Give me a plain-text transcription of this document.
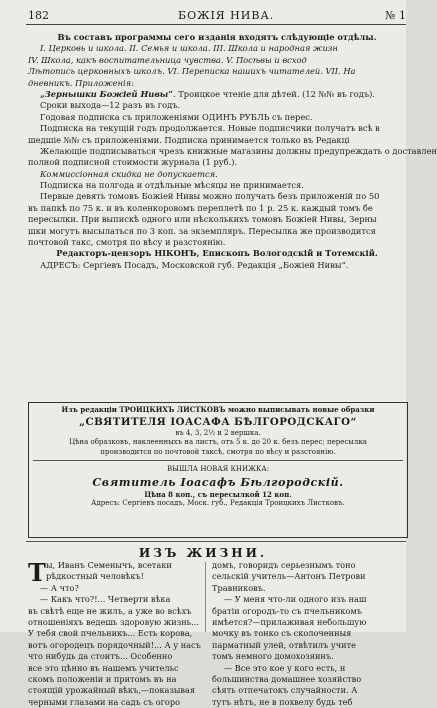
182	БОЖІЯ НИВА.	№ 1
Въ составъ программы сего изданія входятъ слѣдующіе отдѣлы.
I. Церковь и школа. II. Семья и школа. III. Школа и народная жизн
IV. Школа, какъ воспитательница чувства. V. Посѣвы и всход
Лѣтопись церковныхъ школъ. VI. Переписка нашихъ читателей. VII. На
дневникъ. Приложенія:
„Зернышки Божіей Нивы“. Троицкое чтеніе для дѣтей. (12 №№ въ годъ).
Сроки выхода—12 разъ въ годъ.
Годовая подписка съ приложеніями ОДИНЪ РУБЛЬ съ перес.
Подписка на текущій годъ продолжается. Новые подписчики получатъ всѣ в
шедшіе №№ съ приложеніями. Подписка принимается только въ Редакці
Желающіе подписываться чрезъ книжные магазины должны предупреждать о доставлен
полной подписной стоимости журнала (1 руб.).
Коммиссіонная скидка не допускается.
Подписка на полгода и отдѣльные мѣсяцы не принимается.
Первые девять томовъ Божіей Нивы можно получать безъ приложеній по 50
въ папкѣ по 75 к. и въ коленкоровомъ переплетѣ по 1 р. 25 к. каждый томъ бе
пересылки. При выпискѣ одного или нѣсколькихъ томовъ Божіей Нивы, Зерны
шки могутъ высылаться по 3 коп. за экземпляръ. Пересылка же производится
почтовой такс, смотря по вѣсу и разстоянію.
Редакторъ-цензоръ НІКОНЪ, Епископъ Вологодскій и Тотемскій.
АДРЕСЪ: Сергіевъ Посадъ, Московской губ. Редакція „Божіей Нивы“.
Изъ редакціи ТРОИЦКИХЪ ЛИСТКОВЪ можно выписывать новые образки
„СВЯТИТЕЛЯ ІОАСАФА БѢЛГОРОДСКАГО“
въ 4, 3, 2½ и 2 вершка.
Цѣна образковъ, наклеенныхъ на листъ, отъ 5 к. до 20 к. безъ перес; пересылка
производится по почтовой таксѣ, смотря по вѣсу и разстоянію.
ВЫШЛА НОВАЯ КНИЖКА:
Святитель Іоасафъ Бѣлгородскій.
Цѣна 8 коп., съ пересылкой 12 коп.
Адресъ: Сергіевъ посадъ, Моск. губ., Редакція Троицкихъ Листковъ.
ИЗЪ ЖИЗНИ.
Т ы, Иванъ Семенычъ, всетаки
рѣдкостный человѣкъ!
— А что?
— Какъ что?!... Четверти вѣка
въ свѣтѣ еще не жилъ, а уже во всѣхъ
отношеніяхъ ведешь здоровую жизнь...
У тебя свой пчельникъ... Есть корова,
вотъ огородецъ порядочный!... А у насъ
что нибудь да стоитъ... Особенно
все это цѣнно въ нашемъ учительс
скомъ положеніи и притомъ въ на
стоящій урожайный вѣкъ,—показывая
черными глазами на садъ съ огоро
домъ, говоридъ серьезнымъ тоно
сельскій учитель—Антонъ Петрови
Травниковъ.
— У меня что-ли одного изъ наш
братіи огородъ-то съ пчельникомъ
имѣется?—прилаживая небольшую
мочку въ тонко съ сколоченныя
парматный улей, отвѣтилъ учите
томъ немного домохозяинъ.
— Все это кое у кого есть, н
большинства домашнее хозяйство
сѣять отпечатокъ случайности. А
тутъ нѣтъ, не в похвелу будь теб
